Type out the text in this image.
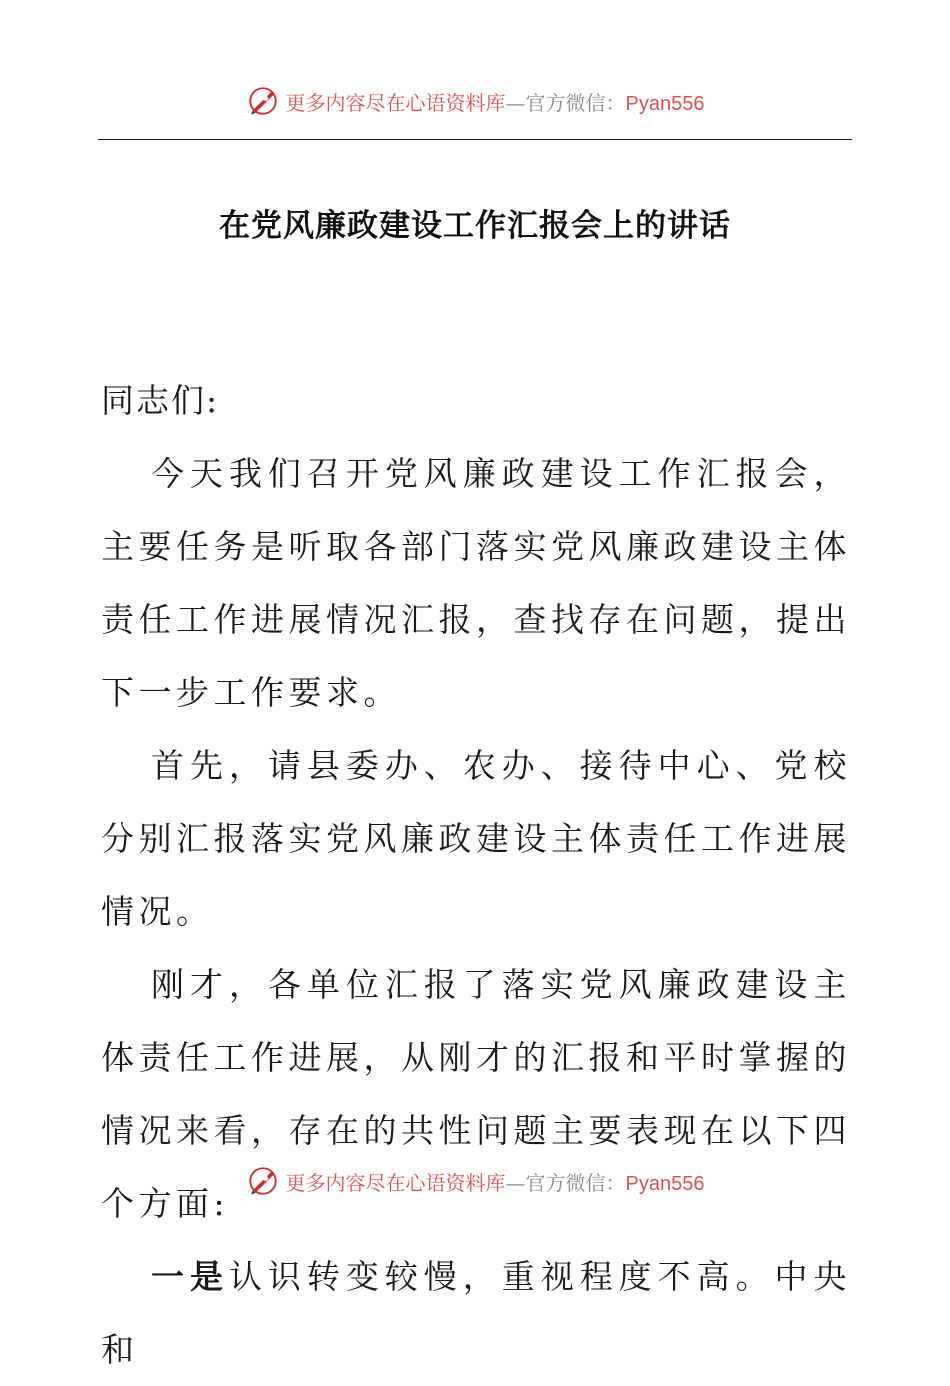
更多内容尽在心语资料库—官方微信：Pyan556
在党风廉政建设工作汇报会上的讲话

同志们:

今天我们召开党风廉政建设工作汇报会，主要任务是听取各部门落实党风廉政建设主体责任工作进展情况汇报，查找存在问题，提出下一步工作要求。

首先，请县委办、农办、接待中心、党校分别汇报落实党风廉政建设主体责任工作进展情况。

刚才，各单位汇报了落实党风廉政建设主体责任工作进展，从刚才的汇报和平时掌握的情况来看，存在的共性问题主要表现在以下四个方面:

一是认识转变较慢，重视程度不高。中央和

更多内容尽在心语资料库—官方微信：Pyan556
